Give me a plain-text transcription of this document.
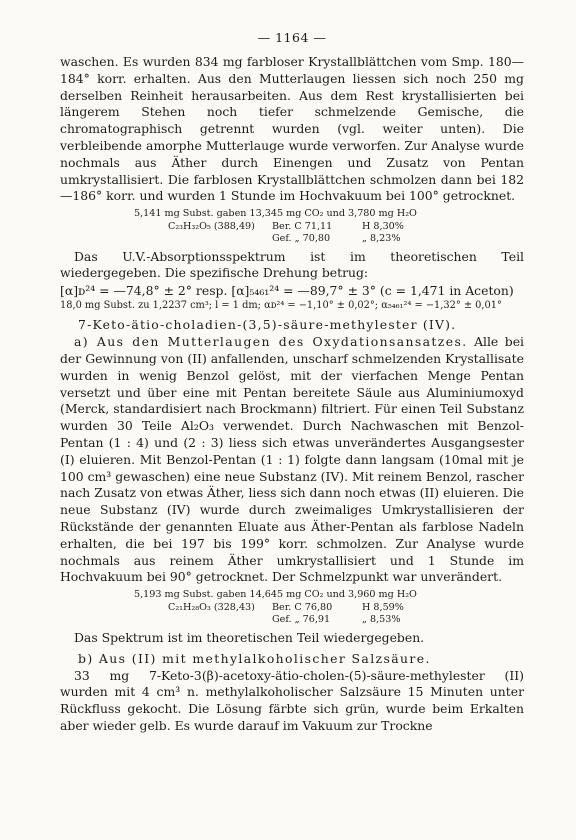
— 1164 —

waschen. Es wurden 834 mg farbloser Krystallblättchen vom Smp. 180—184° korr. erhalten. Aus den Mutterlaugen liessen sich noch 250 mg derselben Reinheit herausarbeiten. Aus dem Rest krystallisierten bei längerem Stehen noch tiefer schmelzende Gemische, die chromatographisch getrennt wurden (vgl. weiter unten). Die verbleibende amorphe Mutterlauge wurde verworfen. Zur Analyse wurde nochmals aus Äther durch Einengen und Zusatz von Pentan umkrystallisiert. Die farblosen Krystallblättchen schmolzen dann bei 182—186° korr. und wurden 1 Stunde im Hochvakuum bei 100° getrocknet.

5,141 mg Subst. gaben 13,345 mg CO₂ und 3,780 mg H₂O
C₂₃H₃₂O₅ (388,49)	Ber. C 71,11	H 8,30%
Gef. „ 70,80	„ 8,23%

Das U.V.-Absorptionsspektrum ist im theoretischen Teil wiedergegeben. Die spezifische Drehung betrug:

[α]ᴅ²⁴ = —74,8° ± 2° resp. [α]₅₄₆₁²⁴ = —89,7° ± 3° (c = 1,471 in Aceton)
18,0 mg Subst. zu 1,2237 cm³; l = 1 dm; αᴅ²⁴ = −1,10° ± 0,02°; α₅₄₆₁²⁴ = −1,32° ± 0,01°
7-Keto-ätio-choladien-(3,5)-säure-methylester (IV).

a) Aus den Mutterlaugen des Oxydationsansatzes. Alle bei der Gewinnung von (II) anfallenden, unscharf schmelzenden Krystallisate wurden in wenig Benzol gelöst, mit der vierfachen Menge Pentan versetzt und über eine mit Pentan bereitete Säule aus Aluminiumoxyd (Merck, standardisiert nach Brockmann) filtriert. Für einen Teil Substanz wurden 30 Teile Al₂O₃ verwendet. Durch Nachwaschen mit Benzol-Pentan (1 : 4) und (2 : 3) liess sich etwas unverändertes Ausgangsester (I) eluieren. Mit Benzol-Pentan (1 : 1) folgte dann langsam (10mal mit je 100 cm³ gewaschen) eine neue Substanz (IV). Mit reinem Benzol, rascher nach Zusatz von etwas Äther, liess sich dann noch etwas (II) eluieren. Die neue Substanz (IV) wurde durch zweimaliges Umkrystallisieren der Rückstände der genannten Eluate aus Äther-Pentan als farblose Nadeln erhalten, die bei 197 bis 199° korr. schmolzen. Zur Analyse wurde nochmals aus reinem Äther umkrystallisiert und 1 Stunde im Hochvakuum bei 90° getrocknet. Der Schmelzpunkt war unverändert.

5,193 mg Subst. gaben 14,645 mg CO₂ und 3,960 mg H₂O
C₂₁H₂₈O₃ (328,43)	Ber. C 76,80	H 8,59%
Gef. „ 76,91	„ 8,53%

Das Spektrum ist im theoretischen Teil wiedergegeben.

b) Aus (II) mit methylalkoholischer Salzsäure.

33 mg 7-Keto-3(β)-acetoxy-ätio-cholen-(5)-säure-methylester (II) wurden mit 4 cm³ n. methylalkoholischer Salzsäure 15 Minuten unter Rückfluss gekocht. Die Lösung färbte sich grün, wurde beim Erkalten aber wieder gelb. Es wurde darauf im Vakuum zur Trockne
